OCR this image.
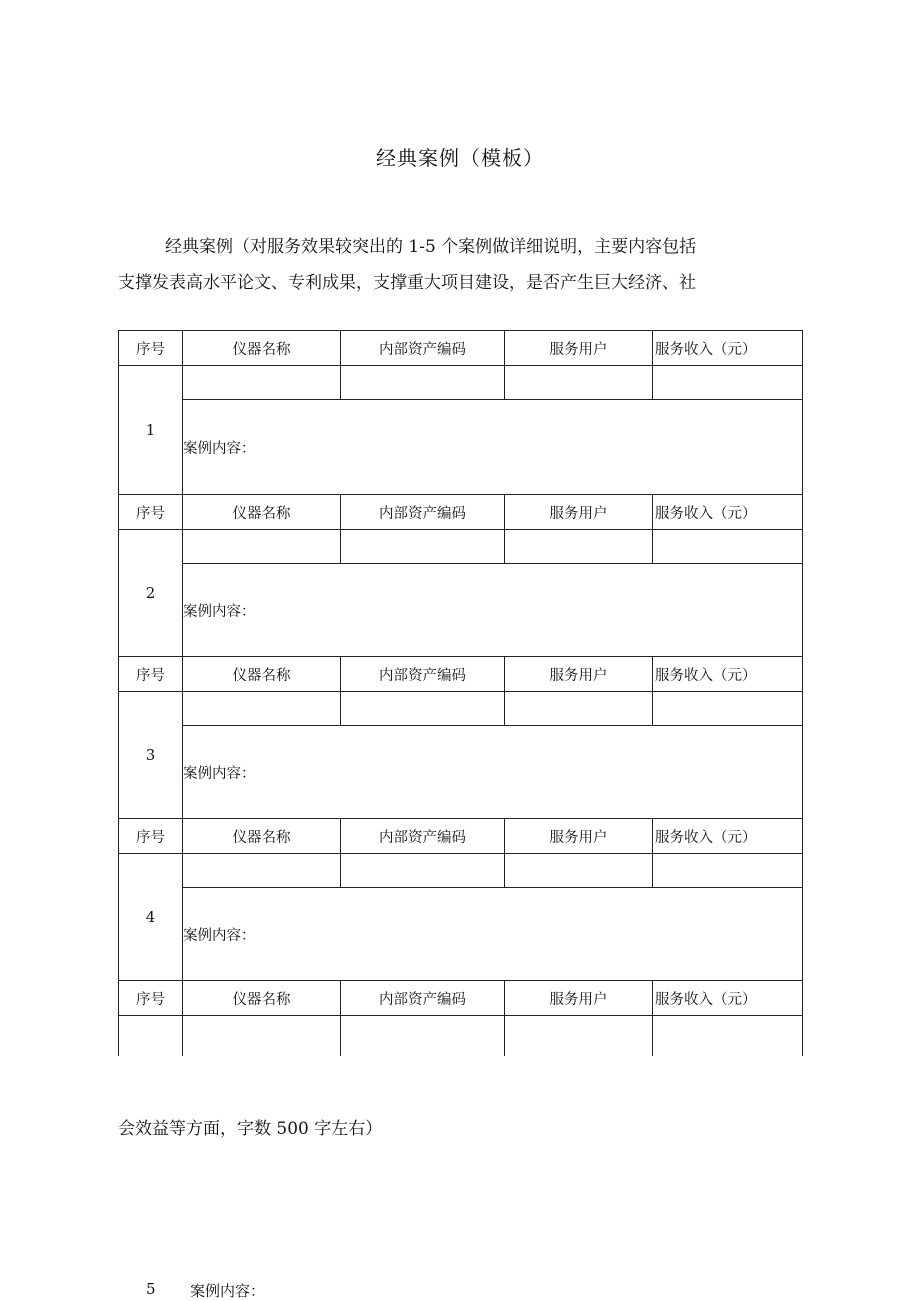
经典案例（模板）
经典案例（对服务效果较突出的 1-5 个案例做详细说明，主要内容包括
支撑发表高水平论文、专利成果，支撑重大项目建设，是否产生巨大经济、社
序号	仪器名称	内部资产编码	服务用户	服务收入（元）
1				
	案例内容：			
序号	仪器名称	内部资产编码	服务用户	服务收入（元）
2				
	案例内容：			
序号	仪器名称	内部资产编码	服务用户	服务收入（元）
3				
	案例内容：			
序号	仪器名称	内部资产编码	服务用户	服务收入（元）
4				
	案例内容：			
序号	仪器名称	内部资产编码	服务用户	服务收入（元）

会效益等方面，字数 500 字左右）
5 案例内容：
